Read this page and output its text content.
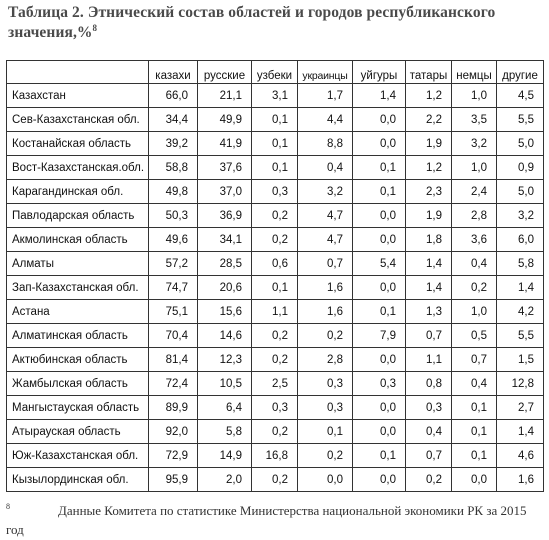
Таблица 2. Этнический состав областей и городов республиканского значения,%$^8$
	казахи	русские	узбеки	украинцы	уйгуры	татары	немцы	другие
Казахстан	66,0	21,1	3,1	1,7	1,4	1,2	1,0	4,5
Сев-Казахстанская обл.	34,4	49,9	0,1	4,4	0,0	2,2	3,5	5,5
Костанайская область	39,2	41,9	0,1	8,8	0,0	1,9	3,2	5,0
Вост-Казахстанская.обл.	58,8	37,6	0,1	0,4	0,1	1,2	1,0	0,9
Карагандинская обл.	49,8	37,0	0,3	3,2	0,1	2,3	2,4	5,0
Павлодарская область	50,3	36,9	0,2	4,7	0,0	1,9	2,8	3,2
Акмолинская область	49,6	34,1	0,2	4,7	0,0	1,8	3,6	6,0
Алматы	57,2	28,5	0,6	0,7	5,4	1,4	0,4	5,8
Зап-Казахстанская обл.	74,7	20,6	0,1	1,6	0,0	1,4	0,2	1,4
Астана	75,1	15,6	1,1	1,6	0,1	1,3	1,0	4,2
Алматинская область	70,4	14,6	0,2	0,2	7,9	0,7	0,5	5,5
Актюбинская область	81,4	12,3	0,2	2,8	0,0	1,1	0,7	1,5
Жамбылская область	72,4	10,5	2,5	0,3	0,3	0,8	0,4	12,8
Мангыстауская область	89,9	6,4	0,3	0,3	0,0	0,3	0,1	2,7
Атырауская область	92,0	5,8	0,2	0,1	0,0	0,4	0,1	1,4
Юж-Казахстанская обл.	72,9	14,9	16,8	0,2	0,1	0,7	0,1	4,6
Кызылординская обл.	95,9	2,0	0,2	0,0	0,0	0,2	0,0	1,6
$^8$	Данные Комитета по статистике Министерства национальной экономики РК за 2015 год
